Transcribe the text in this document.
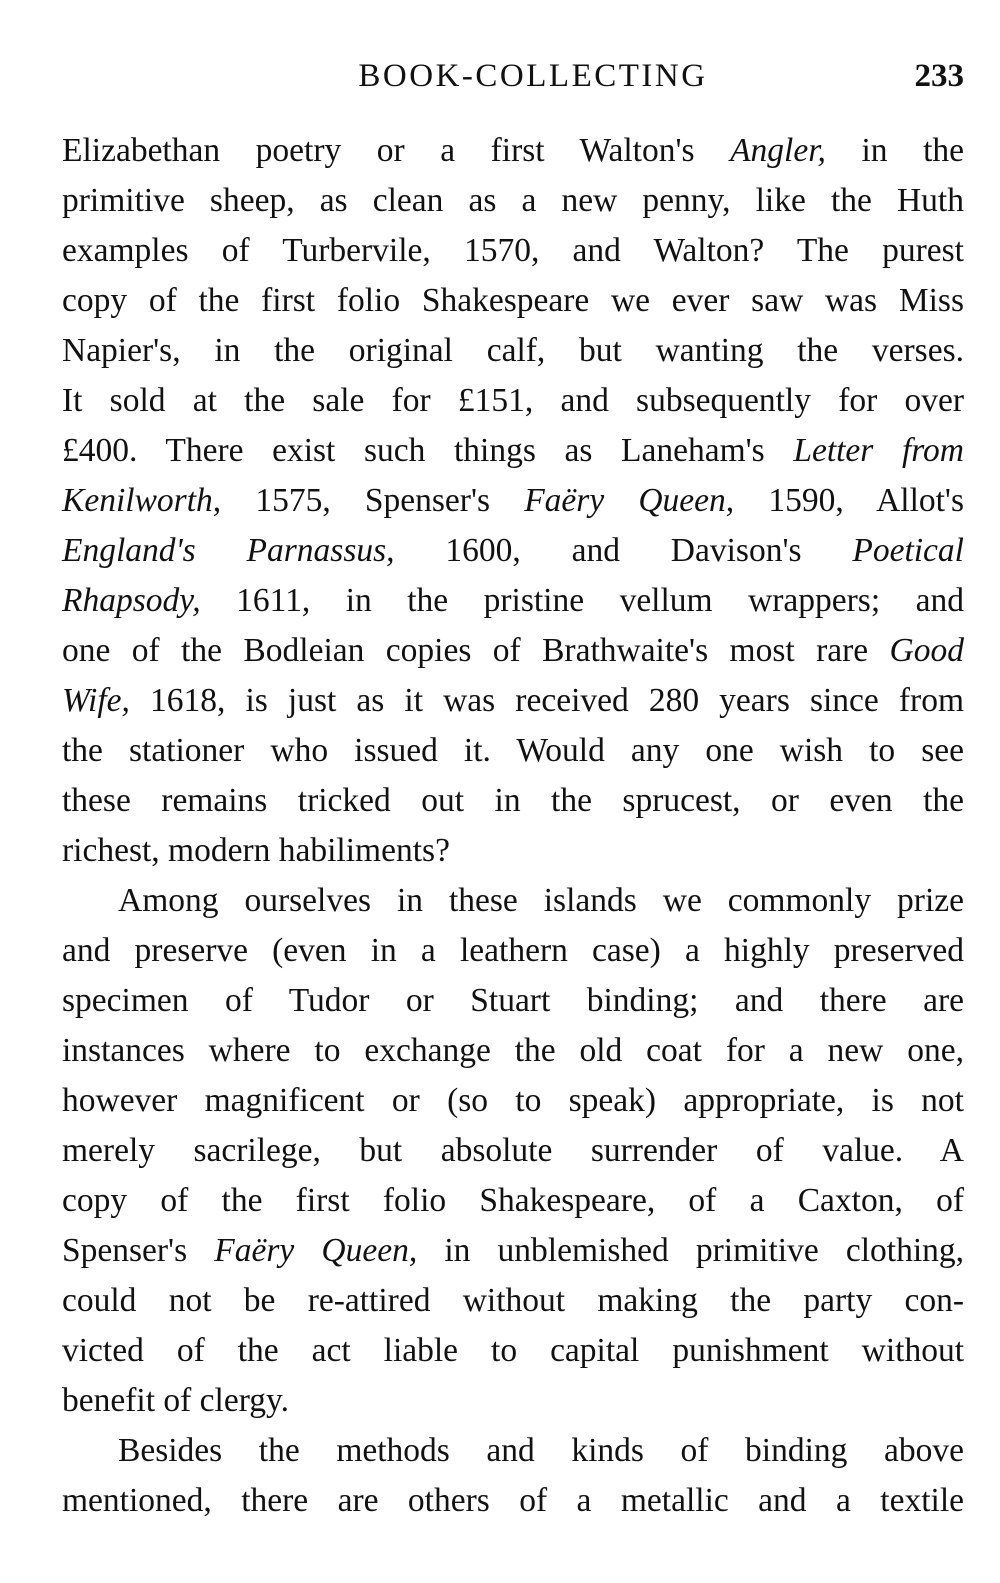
BOOK-COLLECTING	233
Elizabethan poetry or a first Walton's Angler, in the
primitive sheep, as clean as a new penny, like the Huth
examples of Turbervile, 1570, and Walton? The purest
copy of the first folio Shakespeare we ever saw was Miss
Napier's, in the original calf, but wanting the verses.
It sold at the sale for £151, and subsequently for over
£400. There exist such things as Laneham's Letter from
Kenilworth, 1575, Spenser's Faëry Queen, 1590, Allot's
England's Parnassus, 1600, and Davison's Poetical
Rhapsody, 1611, in the pristine vellum wrappers; and
one of the Bodleian copies of Brathwaite's most rare Good
Wife, 1618, is just as it was received 280 years since from
the stationer who issued it. Would any one wish to see
these remains tricked out in the sprucest, or even the
richest, modern habiliments?
Among ourselves in these islands we commonly prize
and preserve (even in a leathern case) a highly preserved
specimen of Tudor or Stuart binding; and there are
instances where to exchange the old coat for a new one,
however magnificent or (so to speak) appropriate, is not
merely sacrilege, but absolute surrender of value. A
copy of the first folio Shakespeare, of a Caxton, of
Spenser's Faëry Queen, in unblemished primitive clothing,
could not be re-attired without making the party con-
victed of the act liable to capital punishment without
benefit of clergy.
Besides the methods and kinds of binding above
mentioned, there are others of a metallic and a textile
